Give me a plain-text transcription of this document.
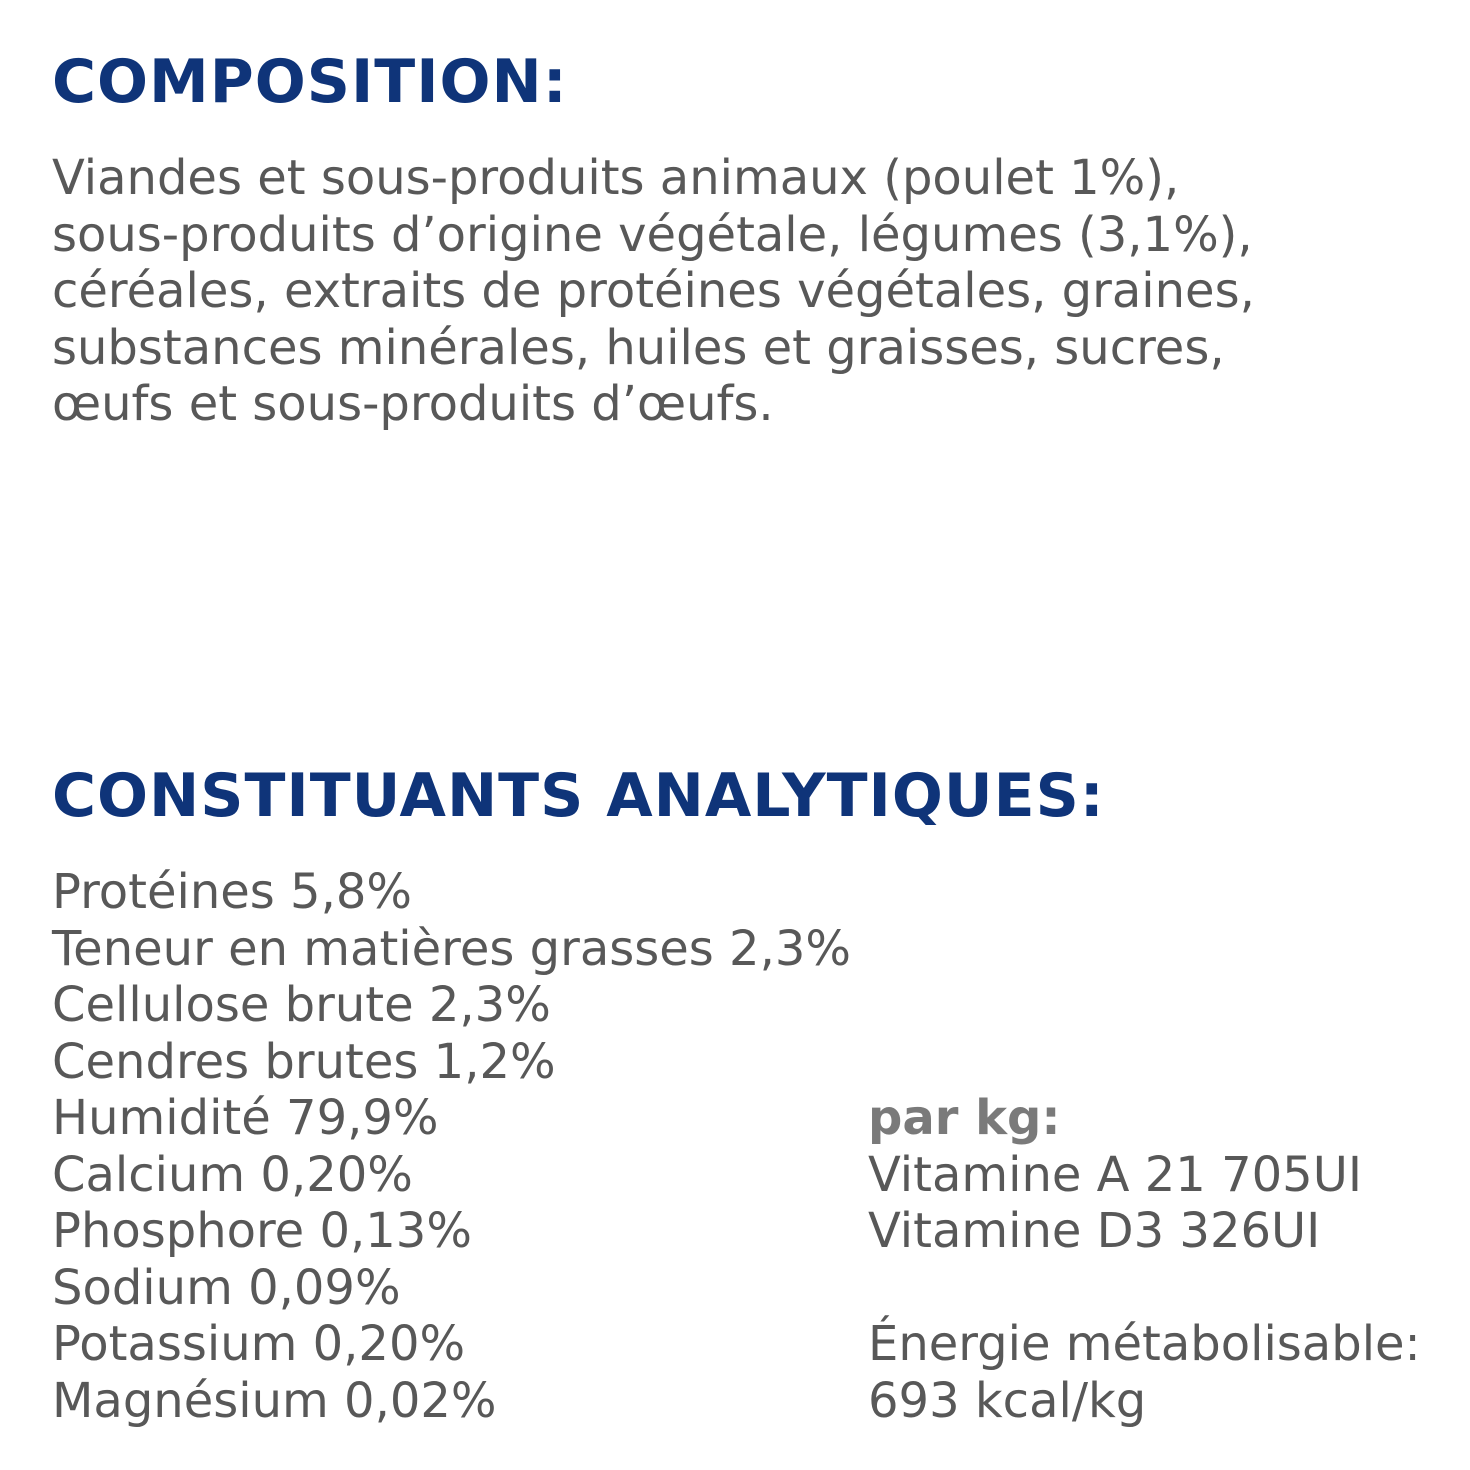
COMPOSITION:
Viandes et sous-produits animaux (poulet 1%),
sous-produits d’origine végétale, légumes (3,1%),
céréales, extraits de protéines végétales, graines,
substances minérales, huiles et graisses, sucres,
œufs et sous-produits d’œufs.
CONSTITUANTS ANALYTIQUES:
Protéines 5,8%
Teneur en matières grasses 2,3%
Cellulose brute 2,3%
Cendres brutes 1,2%
Humidité 79,9%
Calcium 0,20%
Phosphore 0,13%
Sodium 0,09%
Potassium 0,20%
Magnésium 0,02%
par kg:
Vitamine A 21 705UI
Vitamine D3 326UI
Énergie métabolisable:
693 kcal/kg
